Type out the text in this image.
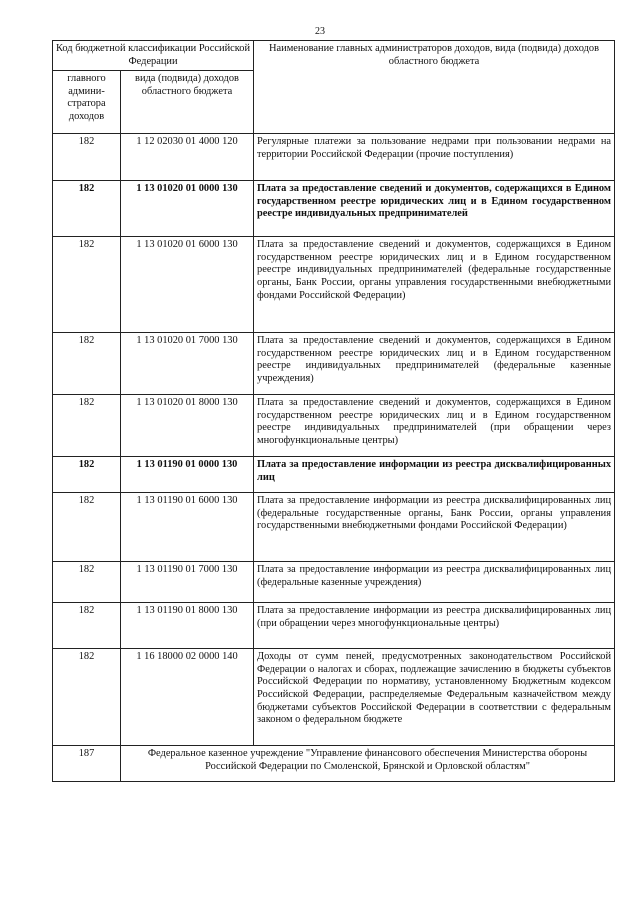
23
Код бюджетной классификации Российской Федерации		Наименование главных администраторов доходов, вида (подвида) доходов областного бюджета
главного админи-стратора доходов	вида (подвида) доходов областного бюджета	
182	1 12 02030 01 4000 120	Регулярные платежи за пользование недрами при пользовании недрами на территории Российской Федерации (прочие поступления)
182	1 13 01020 01 0000 130	Плата за предоставление сведений и документов, содержащихся в Едином государственном реестре юридических лиц и в Едином государственном реестре индивидуальных предпринимателей
182	1 13 01020 01 6000 130	Плата за предоставление сведений и документов, содержащихся в Едином государственном реестре юридических лиц и в Едином государственном реестре индивидуальных предпринимателей (федеральные государственные органы, Банк России, органы управления государственными внебюджетными фондами Российской Федерации)
182	1 13 01020 01 7000 130	Плата за предоставление сведений и документов, содержащихся в Едином государственном реестре юридических лиц и в Едином государственном реестре индивидуальных предпринимателей (федеральные казенные учреждения)
182	1 13 01020 01 8000 130	Плата за предоставление сведений и документов, содержащихся в Едином государственном реестре юридических лиц и в Едином государственном реестре индивидуальных предпринимателей (при обращении через многофункциональные центры)
182	1 13 01190 01 0000 130	Плата за предоставление информации из реестра дисквалифицированных лиц
182	1 13 01190 01 6000 130	Плата за предоставление информации из реестра дисквалифицированных лиц (федеральные государственные органы, Банк России, органы управления государственными внебюджетными фондами Российской Федерации)
182	1 13 01190 01 7000 130	Плата за предоставление информации из реестра дисквалифицированных лиц (федеральные казенные учреждения)
182	1 13 01190 01 8000 130	Плата за предоставление информации из реестра дисквалифицированных лиц (при обращении через многофункциональные центры)
182	1 16 18000 02 0000 140	Доходы от сумм пеней, предусмотренных законодательством Российской Федерации о налогах и сборах, подлежащие зачислению в бюджеты субъектов Российской Федерации по нормативу, установленному Бюджетным кодексом Российской Федерации, распределяемые Федеральным казначейством между бюджетами субъектов Российской Федерации в соответствии с федеральным законом о федеральном бюджете
187	Федеральное казенное учреждение "Управление финансового обеспечения Министерства обороны Российской Федерации по Смоленской, Брянской и Орловской областям"	
